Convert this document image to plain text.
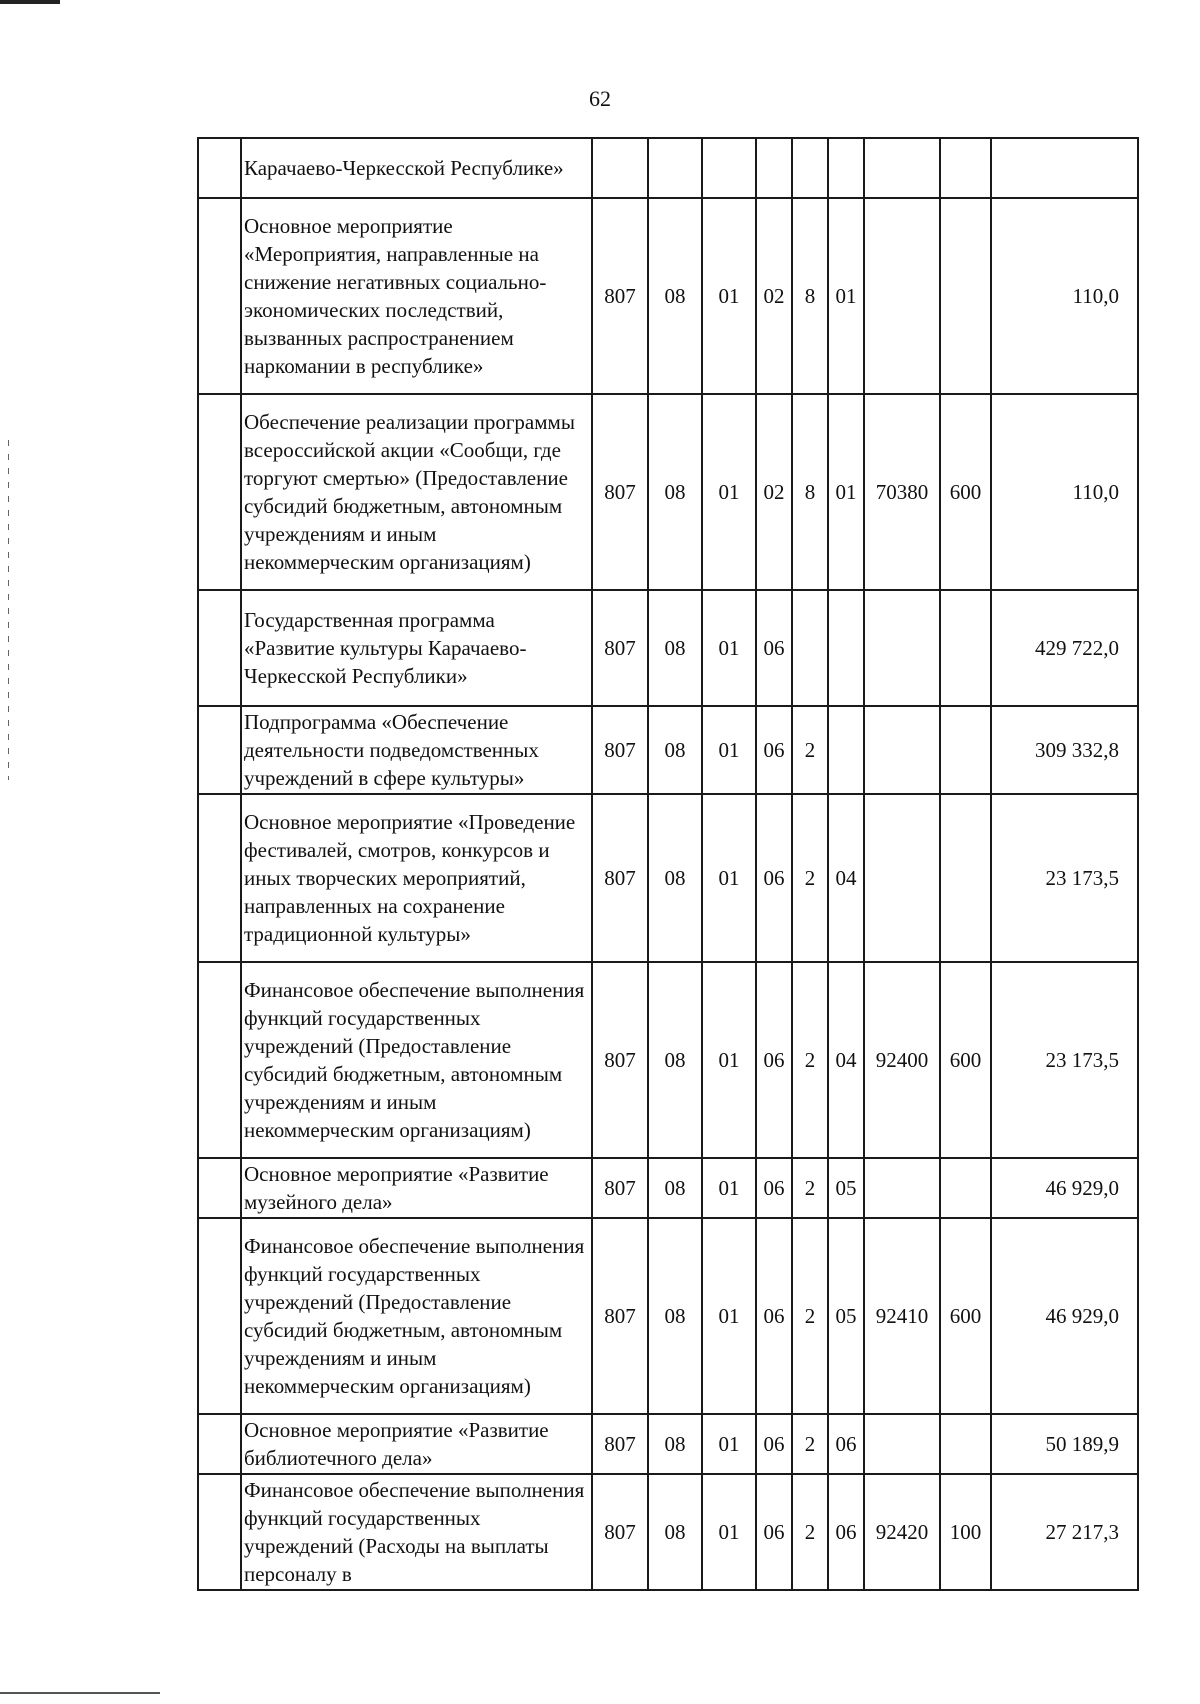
62
	Карачаево-Черкесской Республике»									
	Основное мероприятие «Мероприятия, направленные на снижение негативных социально-экономических последствий, вызванных распространением наркомании в республике»	807	08	01	02	8	01			110,0
	Обеспечение реализации программы всероссийской акции «Сообщи, где торгуют смертью» (Предоставление субсидий бюджетным, автономным учреждениям и иным некоммерческим организациям)	807	08	01	02	8	01	70380	600	110,0
	Государственная программа «Развитие культуры Карачаево-Черкесской Республики»	807	08	01	06					429 722,0
	Подпрограмма «Обеспечение деятельности подведомственных учреждений в сфере культуры»	807	08	01	06	2				309 332,8
	Основное мероприятие «Проведение фестивалей, смотров, конкурсов и иных творческих мероприятий, направленных на сохранение традиционной культуры»	807	08	01	06	2	04			23 173,5
	Финансовое обеспечение выполнения функций государственных учреждений (Предоставление субсидий бюджетным, автономным учреждениям и иным некоммерческим организациям)	807	08	01	06	2	04	92400	600	23 173,5
	Основное мероприятие «Развитие музейного дела»	807	08	01	06	2	05			46 929,0
	Финансовое обеспечение выполнения функций государственных учреждений (Предоставление субсидий бюджетным, автономным учреждениям и иным некоммерческим организациям)	807	08	01	06	2	05	92410	600	46 929,0
	Основное мероприятие «Развитие библиотечного дела»	807	08	01	06	2	06			50 189,9
	Финансовое обеспечение выполнения функций государственных учреждений (Расходы на выплаты персоналу в	807	08	01	06	2	06	92420	100	27 217,3
